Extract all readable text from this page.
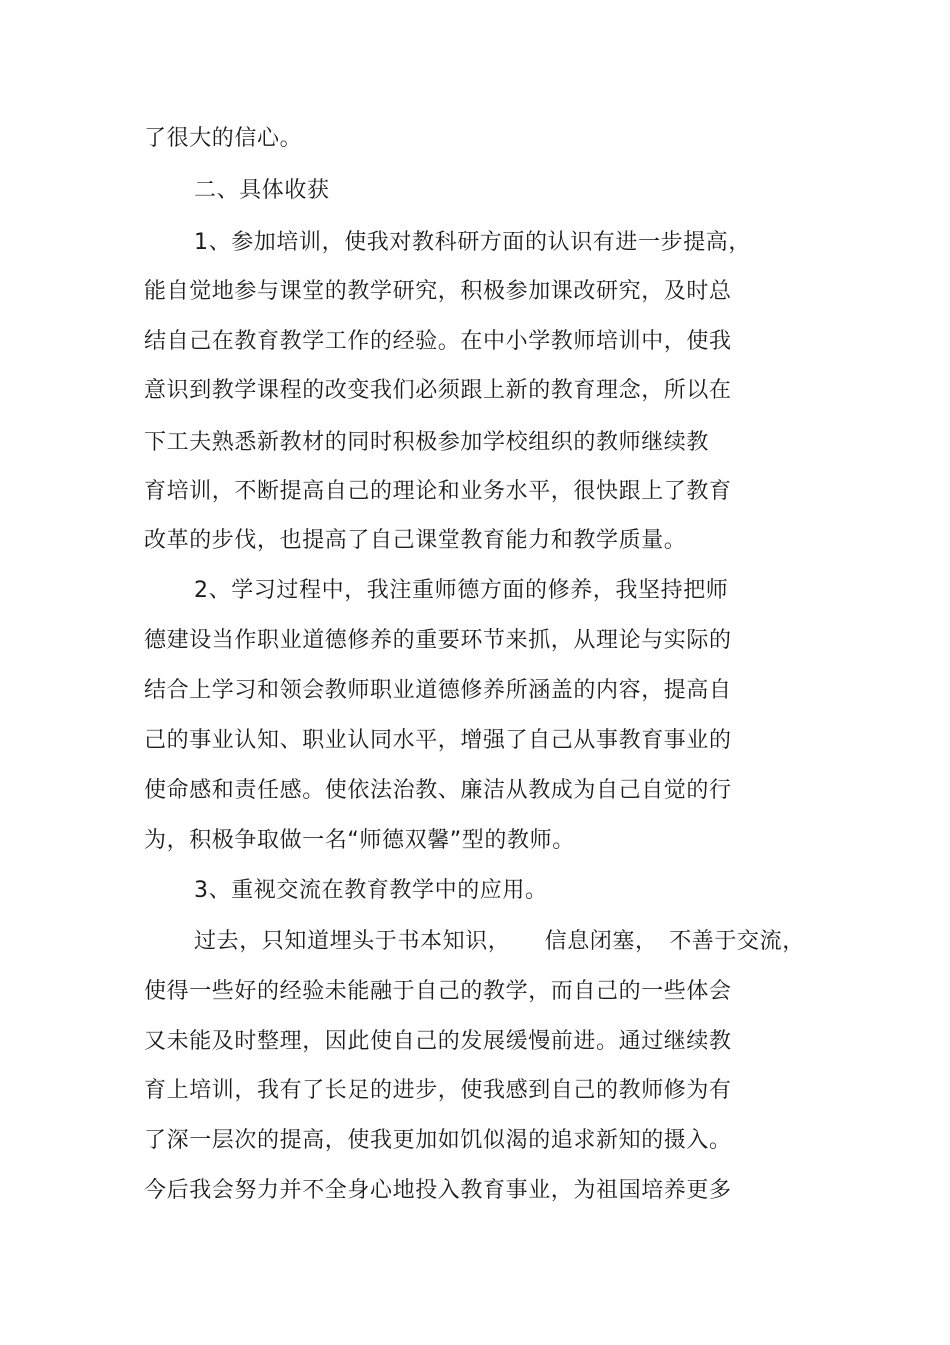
了很大的信心。
二、具体收获
1、参加培训，使我对教科研方面的认识有进一步提高，
能自觉地参与课堂的教学研究，积极参加课改研究，及时总
结自己在教育教学工作的经验。在中小学教师培训中，使我
意识到教学课程的改变我们必须跟上新的教育理念，所以在
下工夫熟悉新教材的同时积极参加学校组织的教师继续教
育培训，不断提高自己的理论和业务水平，很快跟上了教育
改革的步伐，也提高了自己课堂教育能力和教学质量。
2、学习过程中，我注重师德方面的修养，我坚持把师
德建设当作职业道德修养的重要环节来抓，从理论与实际的
结合上学习和领会教师职业道德修养所涵盖的内容，提高自
己的事业认知、职业认同水平，增强了自己从事教育事业的
使命感和责任感。使依法治教、廉洁从教成为自己自觉的行
为，积极争取做一名“师德双馨”型的教师。
3、重视交流在教育教学中的应用。
过去，只知道埋头于书本知识，　　信息闭塞，　不善于交流，
使得一些好的经验未能融于自己的教学，而自己的一些体会
又未能及时整理，因此使自己的发展缓慢前进。通过继续教
育上培训，我有了长足的进步，使我感到自己的教师修为有
了深一层次的提高，使我更加如饥似渴的追求新知的摄入。
今后我会努力并不全身心地投入教育事业，为祖国培养更多
